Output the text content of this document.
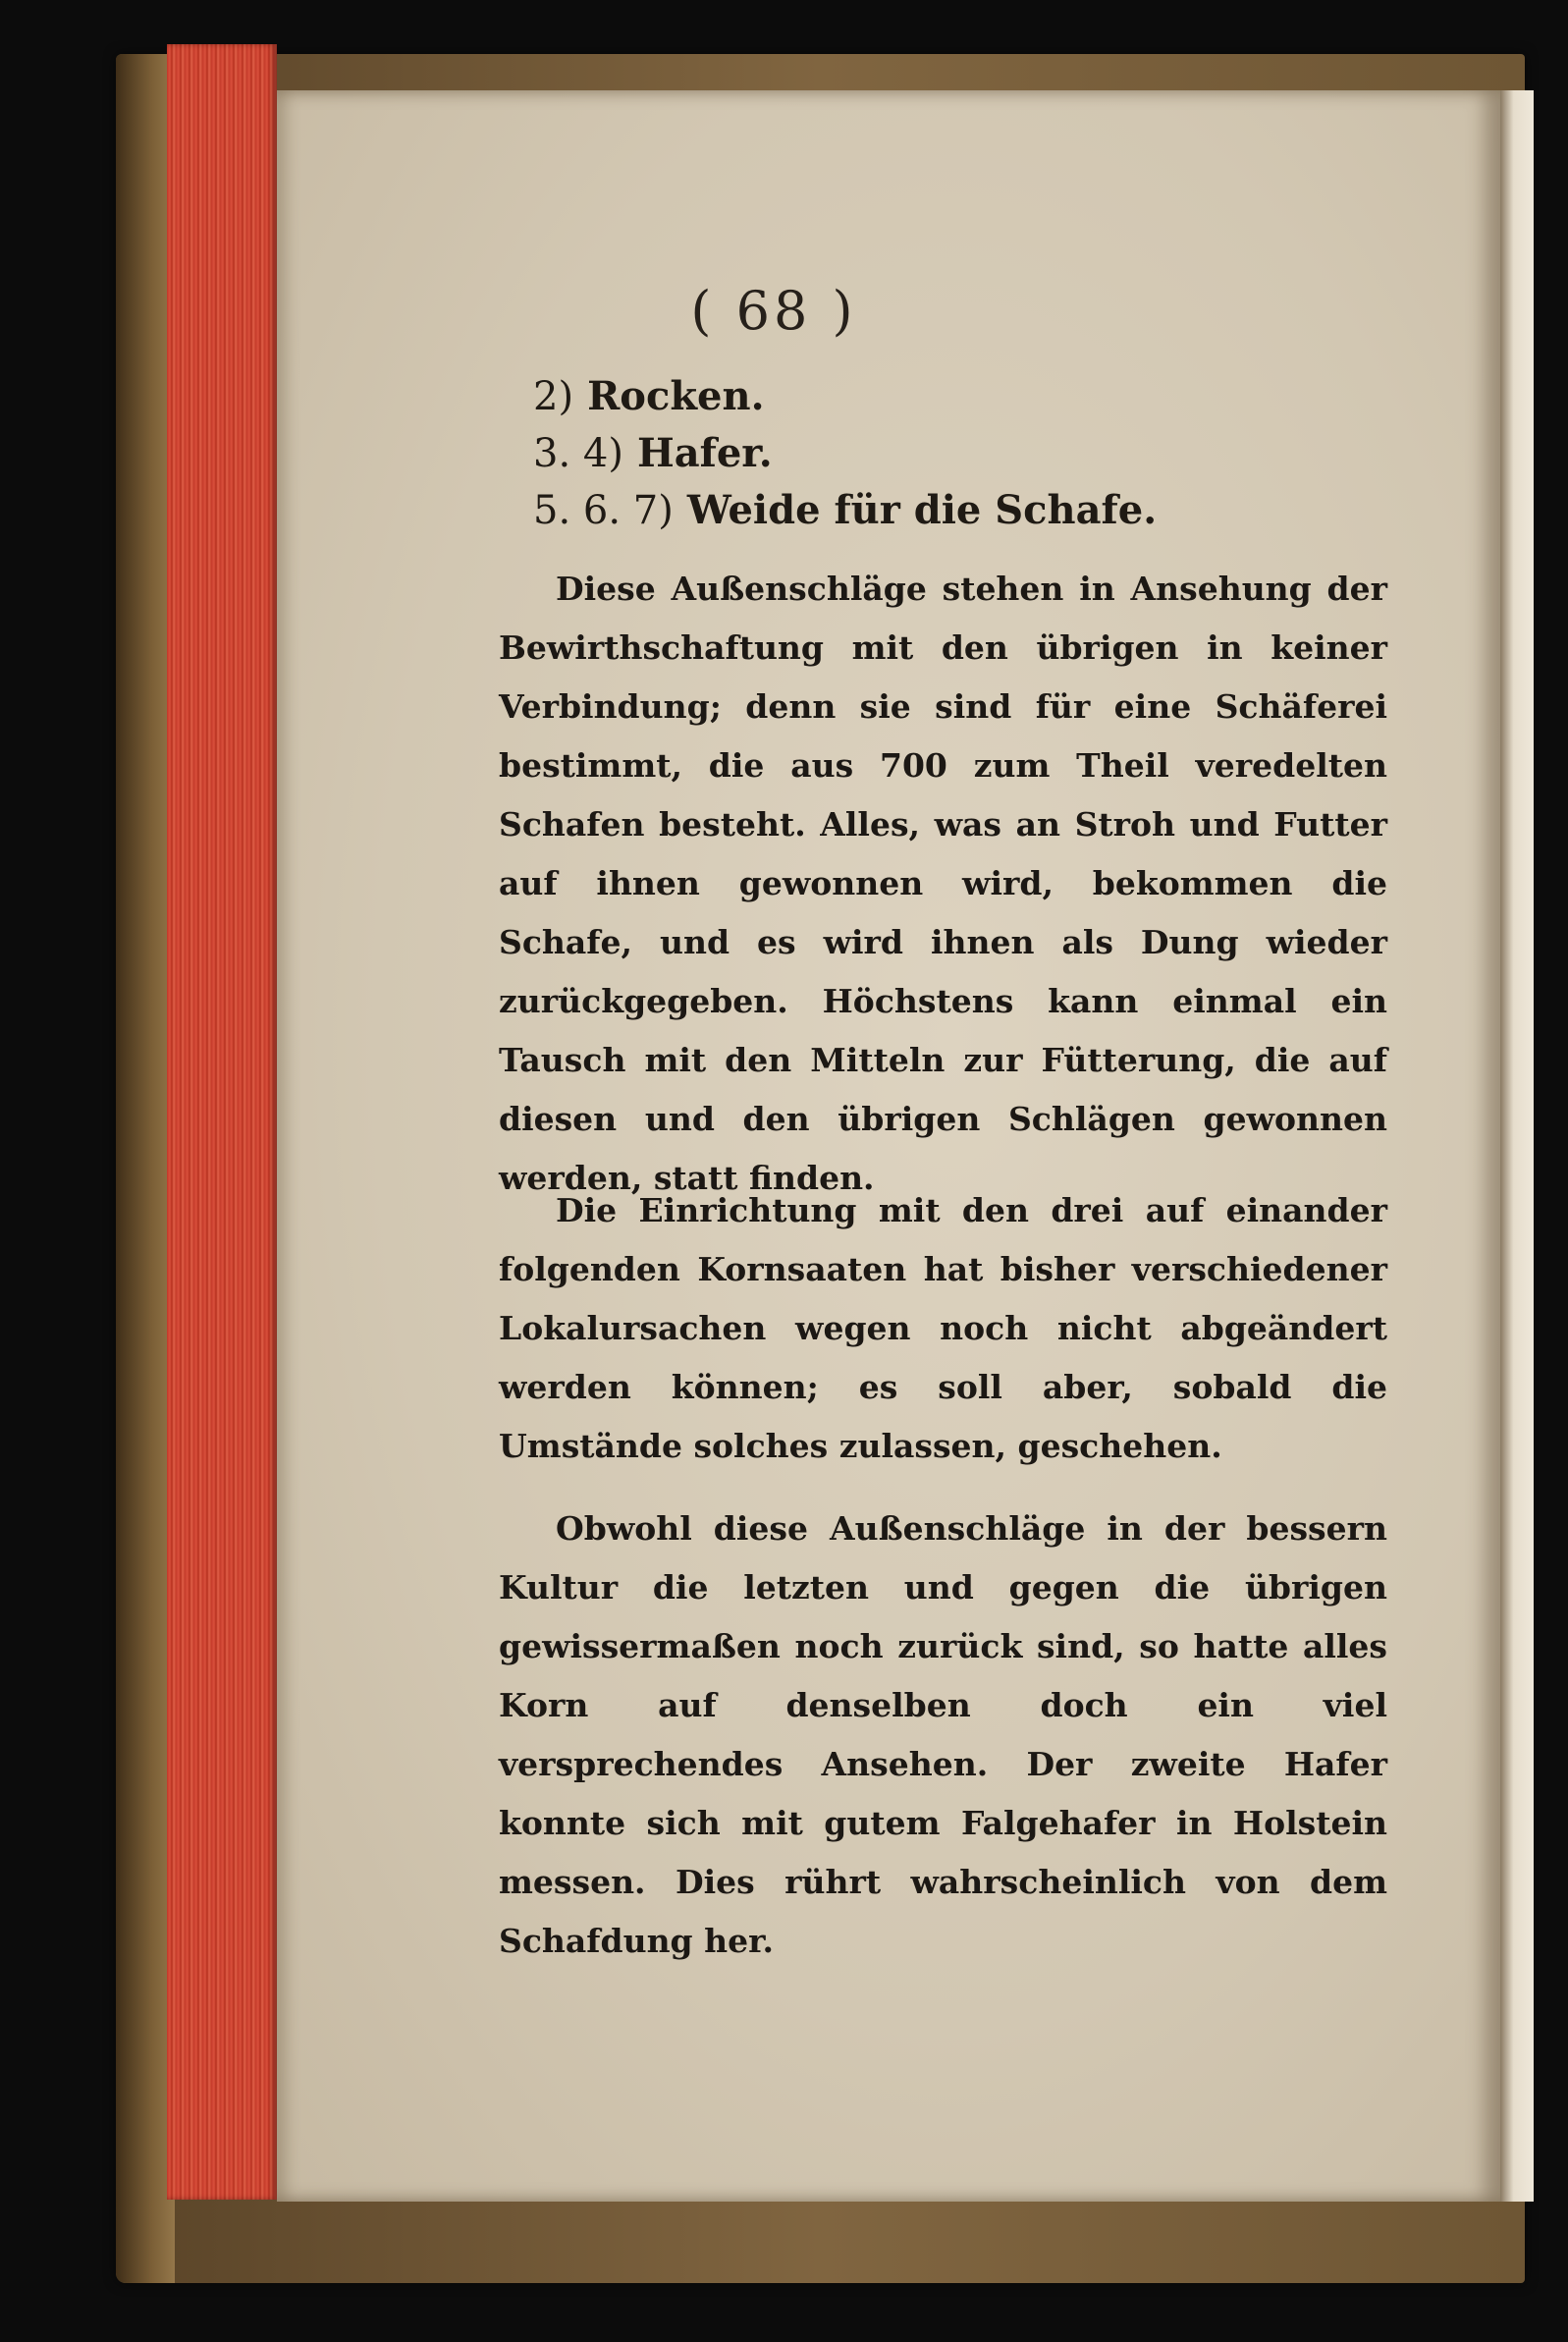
( 68 )
2) Rocken.
3. 4) Hafer.
5. 6. 7) Weide für die Schafe.

Diese Außenschläge stehen in Ansehung der Bewirthschaftung mit den übrigen in keiner Verbindung; denn sie sind für eine Schäferei bestimmt, die aus 700 zum Theil veredelten Schafen besteht. Alles, was an Stroh und Futter auf ihnen gewonnen wird, bekommen die Schafe, und es wird ihnen als Dung wieder zurückgegeben. Höchstens kann einmal ein Tausch mit den Mitteln zur Fütterung, die auf diesen und den übrigen Schlägen gewonnen werden, statt finden.

Die Einrichtung mit den drei auf einander folgenden Kornsaaten hat bisher verschiedener Lokalursachen wegen noch nicht abgeändert werden können; es soll aber, sobald die Umstände solches zulassen, geschehen.

Obwohl diese Außenschläge in der bessern Kultur die letzten und gegen die übrigen gewissermaßen noch zurück sind, so hatte alles Korn auf denselben doch ein viel versprechendes Ansehen. Der zweite Hafer konnte sich mit gutem Falgehafer in Holstein messen. Dies rührt wahrscheinlich von dem Schafdung her.
